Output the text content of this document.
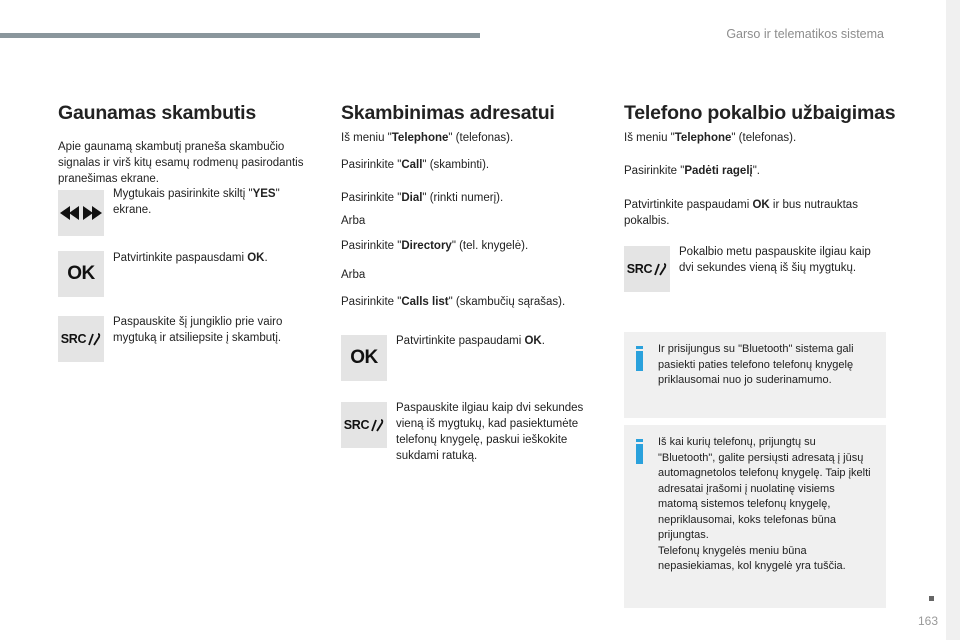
Garso ir telematikos sistema
163
Gaunamas skambutis

Apie gaunamą skambutį praneša skambučio signalas ir virš kitų esamų rodmenų pasirodantis pranešimas ekrane.

Mygtukais pasirinkite skiltį "YES" ekrane.

OK

Patvirtinkite paspausdami OK.

SRC

Paspauskite šį jungiklio prie vairo mygtuką ir atsiliepsite į skambutį.

Skambinimas adresatui

Iš meniu "Telephone" (telefonas).

Pasirinkite "Call" (skambinti).

Pasirinkite "Dial" (rinkti numerį).

Arba

Pasirinkite "Directory" (tel. knygelė).

Arba

Pasirinkite "Calls list" (skambučių sąrašas).

OK

Patvirtinkite paspaudami OK.

SRC

Paspauskite ilgiau kaip dvi sekundes vieną iš mygtukų, kad pasiektumėte telefonų knygelę, paskui ieškokite sukdami ratuką.

Telefono pokalbio užbaigimas

Iš meniu "Telephone" (telefonas).

Pasirinkite "Padėti ragelį".

Patvirtinkite paspaudami OK ir bus nutrauktas pokalbis.

SRC

Pokalbio metu paspauskite ilgiau kaip dvi sekundes vieną iš šių mygtukų.

Ir prisijungus su "Bluetooth" sistema gali pasiekti paties telefono telefonų knygelę priklausomai nuo jo suderinamumo.

Iš kai kurių telefonų, prijungtų su "Bluetooth", galite persiųsti adresatą į jūsų automagnetolos telefonų knygelę. Taip įkelti adresatai įrašomi į nuolatinę visiems matomą sistemos telefonų knygelę, nepriklausomai, koks telefonas būna prijungtas.

Telefonų knygelės meniu būna nepasiekiamas, kol knygelė yra tuščia.
